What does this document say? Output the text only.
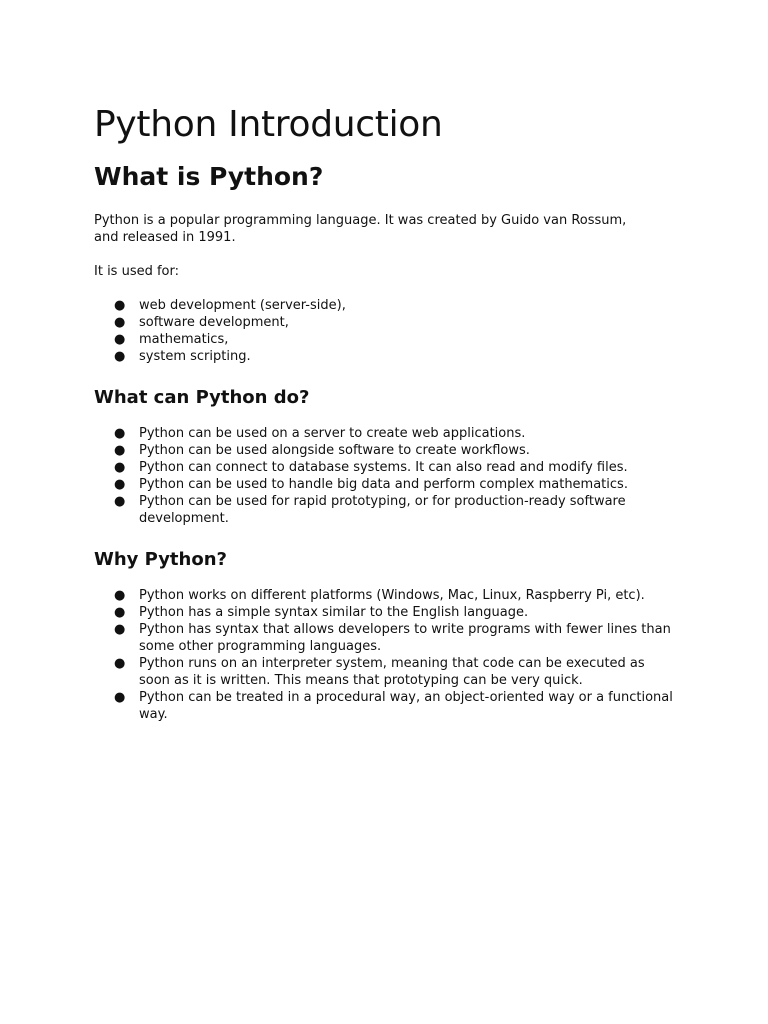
Python Introduction
What is Python?

Python is a popular programming language. It was created by Guido van Rossum, and released in 1991.

It is used for:

● web development (server-side),
● software development,
● mathematics,
● system scripting.
What can Python do?
● Python can be used on a server to create web applications.
● Python can be used alongside software to create workflows.
● Python can connect to database systems. It can also read and modify files.
● Python can be used to handle big data and perform complex mathematics.
● Python can be used for rapid prototyping, or for production-ready software development.
Why Python?
● Python works on different platforms (Windows, Mac, Linux, Raspberry Pi, etc).
● Python has a simple syntax similar to the English language.
● Python has syntax that allows developers to write programs with fewer lines than some other programming languages.
● Python runs on an interpreter system, meaning that code can be executed as soon as it is written. This means that prototyping can be very quick.
● Python can be treated in a procedural way, an object-oriented way or a functional way.
